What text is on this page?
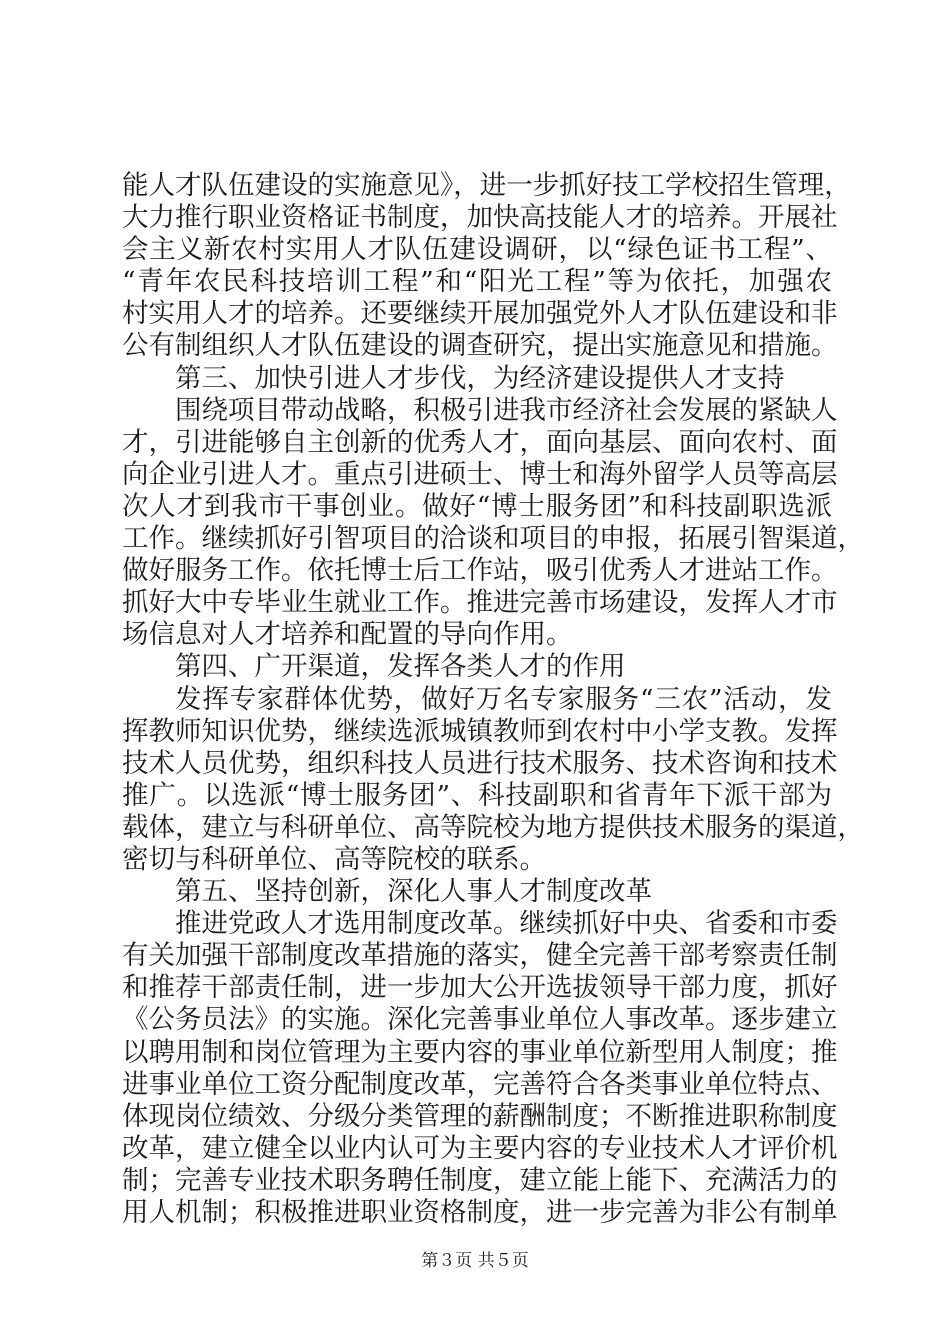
能人才队伍建设的实施意见》，进一步抓好技工学校招生管理，
大力推行职业资格证书制度，加快高技能人才的培养。开展社
会主义新农村实用人才队伍建设调研，以“绿色证书工程”、
“青年农民科技培训工程”和“阳光工程”等为依托，加强农
村实用人才的培养。还要继续开展加强党外人才队伍建设和非
公有制组织人才队伍建设的调查研究，提出实施意见和措施。
第三、加快引进人才步伐，为经济建设提供人才支持
围绕项目带动战略，积极引进我市经济社会发展的紧缺人
才，引进能够自主创新的优秀人才，面向基层、面向农村、面
向企业引进人才。重点引进硕士、博士和海外留学人员等高层
次人才到我市干事创业。做好“博士服务团”和科技副职选派
工作。继续抓好引智项目的洽谈和项目的申报，拓展引智渠道，
做好服务工作。依托博士后工作站，吸引优秀人才进站工作。
抓好大中专毕业生就业工作。推进完善市场建设，发挥人才市
场信息对人才培养和配置的导向作用。
第四、广开渠道，发挥各类人才的作用
发挥专家群体优势，做好万名专家服务“三农”活动，发
挥教师知识优势，继续选派城镇教师到农村中小学支教。发挥
技术人员优势，组织科技人员进行技术服务、技术咨询和技术
推广。以选派“博士服务团”、科技副职和省青年下派干部为
载体，建立与科研单位、高等院校为地方提供技术服务的渠道，
密切与科研单位、高等院校的联系。
第五、坚持创新，深化人事人才制度改革
推进党政人才选用制度改革。继续抓好中央、省委和市委
有关加强干部制度改革措施的落实，健全完善干部考察责任制
和推荐干部责任制，进一步加大公开选拔领导干部力度，抓好
《公务员法》的实施。深化完善事业单位人事改革。逐步建立
以聘用制和岗位管理为主要内容的事业单位新型用人制度；推
进事业单位工资分配制度改革，完善符合各类事业单位特点、
体现岗位绩效、分级分类管理的薪酬制度；不断推进职称制度
改革，建立健全以业内认可为主要内容的专业技术人才评价机
制；完善专业技术职务聘任制度，建立能上能下、充满活力的
用人机制；积极推进职业资格制度，进一步完善为非公有制单
第３页 共５页
